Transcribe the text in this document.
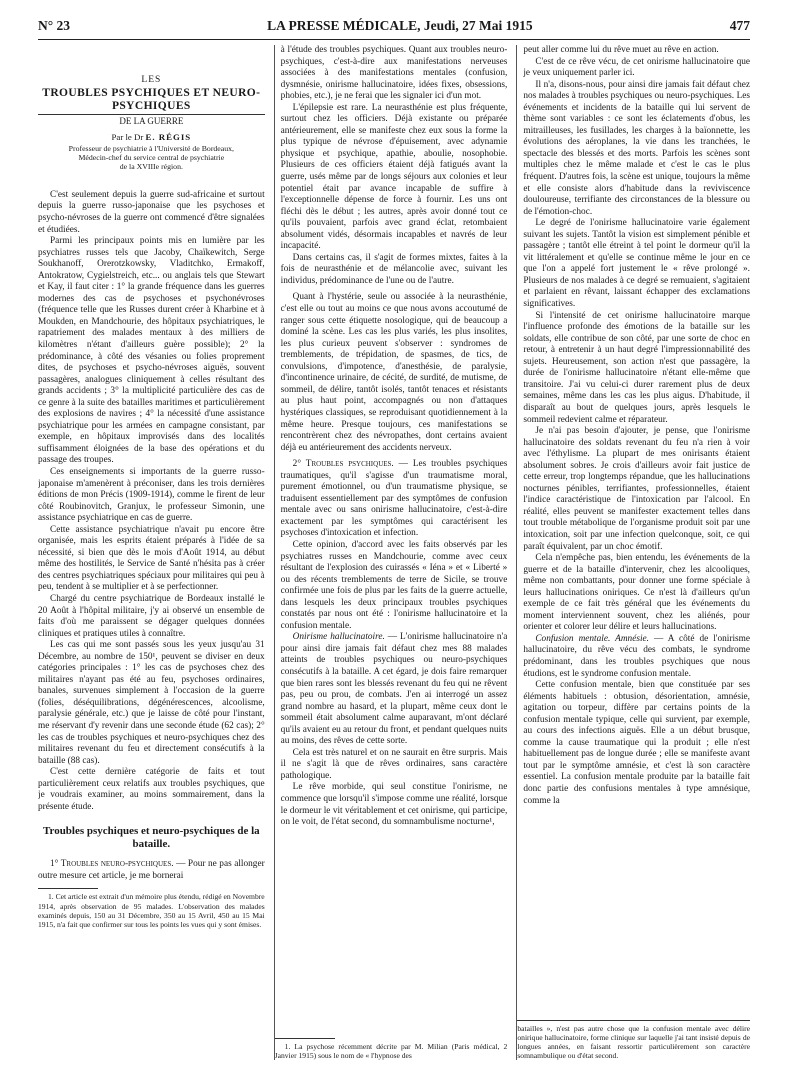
N° 23	LA PRESSE MÉDICALE, Jeudi, 27 Mai 1915	477
LES
TROUBLES PSYCHIQUES ET NEURO-PSYCHIQUES
DE LA GUERRE
Par le Dr E. RÉGIS
Professeur de psychiatrie à l'Université de Bordeaux,
Médecin-chef du service central de psychiatrie
de la XVIIIe région.

C'est seulement depuis la guerre sud-africaine et surtout depuis la guerre russo-japonaise que les psychoses et psycho-névroses de la guerre ont commencé d'être signalées et étudiées.

Parmi les principaux points mis en lumière par les psychiatres russes tels que Jacoby, Chaïkewitch, Serge Soukhanoff, Orerotzkowsky, Vladitchko, Ermakoff, Antokratow, Cygielstreich, etc... ou anglais tels que Stewart et Kay, il faut citer : 1° la grande fréquence dans les guerres modernes des cas de psychoses et psychonévroses (fréquence telle que les Russes durent créer à Kharbine et à Moukden, en Mandchourie, des hôpitaux psychiatriques, le rapatriement des malades mentaux à des milliers de kilomètres n'étant d'ailleurs guère possible); 2° la prédominance, à côté des vésanies ou folies proprement dites, de psychoses et psycho-névroses aiguës, souvent passagères, analogues cliniquement à celles résultant des grands accidents ; 3° la multiplicité particulière des cas de ce genre à la suite des batailles maritimes et particulièrement des explosions de navires ; 4° la nécessité d'une assistance psychiatrique pour les armées en campagne consistant, par exemple, en hôpitaux improvisés dans des localités suffisamment éloignées de la base des opérations et du passage des troupes.

Ces enseignements si importants de la guerre russo-japonaise m'amenèrent à préconiser, dans les trois dernières éditions de mon Précis (1909-1914), comme le firent de leur côté Roubinovitch, Granjux, le professeur Simonin, une assistance psychiatrique en cas de guerre.

Cette assistance psychiatrique n'avait pu encore être organisée, mais les esprits étaient préparés à l'idée de sa nécessité, si bien que dès le mois d'Août 1914, au début même des hostilités, le Service de Santé n'hésita pas à créer des centres psychiatriques spéciaux pour militaires qui peu à peu, tendent à se multiplier et à se perfectionner.

Chargé du centre psychiatrique de Bordeaux installé le 20 Août à l'hôpital militaire, j'y ai observé un ensemble de faits d'où me paraissent se dégager quelques données cliniques et pratiques utiles à connaître.

Les cas qui me sont passés sous les yeux jusqu'au 31 Décembre, au nombre de 150¹, peuvent se diviser en deux catégories principales : 1° les cas de psychoses chez des militaires n'ayant pas été au feu, psychoses ordinaires, banales, survenues simplement à l'occasion de la guerre (folies, déséquilibrations, dégénérescences, alcoolisme, paralysie générale, etc.) que je laisse de côté pour l'instant, me réservant d'y revenir dans une seconde étude (62 cas); 2° les cas de troubles psychiques et neuro-psychiques chez des militaires revenant du feu et directement consécutifs à la bataille (88 cas).

C'est cette dernière catégorie de faits et tout particulièrement ceux relatifs aux troubles psychiques, que je voudrais examiner, au moins sommairement, dans la présente étude.

Troubles psychiques et neuro-psychiques de la bataille.

1° Troubles neuro-psychiques. — Pour ne pas allonger outre mesure cet article, je me bornerai

1. Cet article est extrait d'un mémoire plus étendu, rédigé en Novembre 1914, après observation de 95 malades. L'observation des malades examinés depuis, 150 au 31 Décembre, 350 au 15 Avril, 450 au 15 Mai 1915, n'a fait que confirmer sur tous les points les vues qui y sont émises.

à l'étude des troubles psychiques. Quant aux troubles neuro-psychiques, c'est-à-dire aux manifestations nerveuses associées à des manifestations mentales (confusion, dysmnésie, onirisme hallucinatoire, idées fixes, obsessions, phobies, etc.), je ne ferai que les signaler ici d'un mot.

L'épilepsie est rare. La neurasthénie est plus fréquente, surtout chez les officiers. Déjà existante ou préparée antérieurement, elle se manifeste chez eux sous la forme la plus typique de névrose d'épuisement, avec adynamie physique et psychique, apathie, aboulie, nosophobie. Plusieurs de ces officiers étaient déjà fatigués avant la guerre, usés même par de longs séjours aux colonies et leur potentiel était par avance incapable de suffire à l'exceptionnelle dépense de force à fournir. Les uns ont fléchi dès le début ; les autres, après avoir donné tout ce qu'ils pouvaient, parfois avec grand éclat, retombaient absolument vidés, désormais incapables et navrés de leur incapacité.

Dans certains cas, il s'agit de formes mixtes, faites à la fois de neurasthénie et de mélancolie avec, suivant les individus, prédominance de l'une ou de l'autre.

Quant à l'hystérie, seule ou associée à la neurasthénie, c'est elle ou tout au moins ce que nous avons accoutumé de ranger sous cette étiquette nosologique, qui de beaucoup a dominé la scène. Les cas les plus variés, les plus insolites, les plus curieux peuvent s'observer : syndromes de tremblements, de trépidation, de spasmes, de tics, de convulsions, d'impotence, d'anesthésie, de paralysie, d'incontinence urinaire, de cécité, de surdité, de mutisme, de sommeil, de délire, tantôt isolés, tantôt tenaces et résistants au plus haut point, accompagnés ou non d'attaques hystériques classiques, se reproduisant quotidiennement à la même heure. Presque toujours, ces manifestations se rencontrèrent chez des névropathes, dont certains avaient déjà eu antérieurement des accidents nerveux.

2° Troubles psychiques. — Les troubles psychiques traumatiques, qu'il s'agisse d'un traumatisme moral, purement émotionnel, ou d'un traumatisme physique, se traduisent essentiellement par des symptômes de confusion mentale avec ou sans onirisme hallucinatoire, c'est-à-dire exactement par les symptômes qui caractérisent les psychoses d'intoxication et infection.

Cette opinion, d'accord avec les faits observés par les psychiatres russes en Mandchourie, comme avec ceux résultant de l'explosion des cuirassés « Iéna » et « Liberté » ou des récents tremblements de terre de Sicile, se trouve confirmée une fois de plus par les faits de la guerre actuelle, dans lesquels les deux principaux troubles psychiques constatés par nous ont été : l'onirisme hallucinatoire et la confusion mentale.

Onirisme hallucinatoire. — L'onirisme hallucinatoire n'a pour ainsi dire jamais fait défaut chez mes 88 malades atteints de troubles psychiques ou neuro-psychiques consécutifs à la bataille. A cet égard, je dois faire remarquer que bien rares sont les blessés revenant du feu qui ne rêvent pas, peu ou prou, de combats. J'en ai interrogé un assez grand nombre au hasard, et la plupart, même ceux dont le sommeil était absolument calme auparavant, m'ont déclaré qu'ils avaient eu au retour du front, et pendant quelques nuits au moins, des rêves de cette sorte.

Cela est très naturel et on ne saurait en être surpris. Mais il ne s'agit là que de rêves ordinaires, sans caractère pathologique.

Le rêve morbide, qui seul constitue l'onirisme, ne commence que lorsqu'il s'impose comme une réalité, lorsque le dormeur le vit véritablement et cet onirisme, qui participe, on le voit, de l'état second, du somnambulisme nocturne¹,

1. La psychose récemment décrite par M. Milian (Paris médical, 2 Janvier 1915) sous le nom de « l'hypnose des

peut aller comme lui du rêve muet au rêve en action.

C'est de ce rêve vécu, de cet onirisme hallucinatoire que je veux uniquement parler ici.

Il n'a, disons-nous, pour ainsi dire jamais fait défaut chez nos malades à troubles psychiques ou neuro-psychiques. Les événements et incidents de la bataille qui lui servent de thème sont variables : ce sont les éclatements d'obus, les mitrailleuses, les fusillades, les charges à la baïonnette, les évolutions des aéroplanes, la vie dans les tranchées, le spectacle des blessés et des morts. Parfois les scènes sont multiples chez le même malade et c'est le cas le plus fréquent. D'autres fois, la scène est unique, toujours la même et elle consiste alors d'habitude dans la reviviscence douloureuse, terrifiante des circonstances de la blessure ou de l'émotion-choc.

Le degré de l'onirisme hallucinatoire varie également suivant les sujets. Tantôt la vision est simplement pénible et passagère ; tantôt elle étreint à tel point le dormeur qu'il la vit littéralement et qu'elle se continue même le jour en ce que l'on a appelé fort justement le « rêve prolongé ». Plusieurs de nos malades à ce degré se remuaient, s'agitaient et parlaient en rêvant, laissant échapper des exclamations significatives.

Si l'intensité de cet onirisme hallucinatoire marque l'influence profonde des émotions de la bataille sur les soldats, elle contribue de son côté, par une sorte de choc en retour, à entretenir à un haut degré l'impressionnabilité des sujets. Heureusement, son action n'est que passagère, la durée de l'onirisme hallucinatoire n'étant elle-même que transitoire. J'ai vu celui-ci durer rarement plus de deux semaines, même dans les cas les plus aigus. D'habitude, il disparaît au bout de quelques jours, après lesquels le sommeil redevient calme et réparateur.

Je n'ai pas besoin d'ajouter, je pense, que l'onirisme hallucinatoire des soldats revenant du feu n'a rien à voir avec l'éthylisme. La plupart de mes onirisants étaient absolument sobres. Je crois d'ailleurs avoir fait justice de cette erreur, trop longtemps répandue, que les hallucinations nocturnes pénibles, terrifiantes, professionnelles, étaient l'indice caractéristique de l'intoxication par l'alcool. En réalité, elles peuvent se manifester exactement telles dans tout trouble métabolique de l'organisme produit soit par une intoxication, soit par une infection quelconque, soit, ce qui paraît équivalent, par un choc émotif.

Cela n'empêche pas, bien entendu, les événements de la guerre et de la bataille d'intervenir, chez les alcooliques, même non combattants, pour donner une forme spéciale à leurs hallucinations oniriques. Ce n'est là d'ailleurs qu'un exemple de ce fait très général que les événements du moment interviennent souvent, chez les aliénés, pour orienter et colorer leur délire et leurs hallucinations.

Confusion mentale. Amnésie. — A côté de l'onirisme hallucinatoire, du rêve vécu des combats, le syndrome prédominant, dans les troubles psychiques que nous étudions, est le syndrome confusion mentale.

Cette confusion mentale, bien que constituée par ses éléments habituels : obtusion, désorientation, amnésie, agitation ou torpeur, diffère par certains points de la confusion mentale typique, celle qui survient, par exemple, au cours des infections aiguës. Elle a un début brusque, comme la cause traumatique qui la produit ; elle n'est habituellement pas de longue durée ; elle se manifeste avant tout par le symptôme amnésie, et c'est là son caractère essentiel. La confusion mentale produite par la bataille fait donc partie des confusions mentales à type amnésique, comme la

batailles », n'est pas autre chose que la confusion mentale avec délire onirique hallucinatoire, forme clinique sur laquelle j'ai tant insisté depuis de longues années, en faisant ressortir particulièrement son caractère somnambulique ou d'état second.
